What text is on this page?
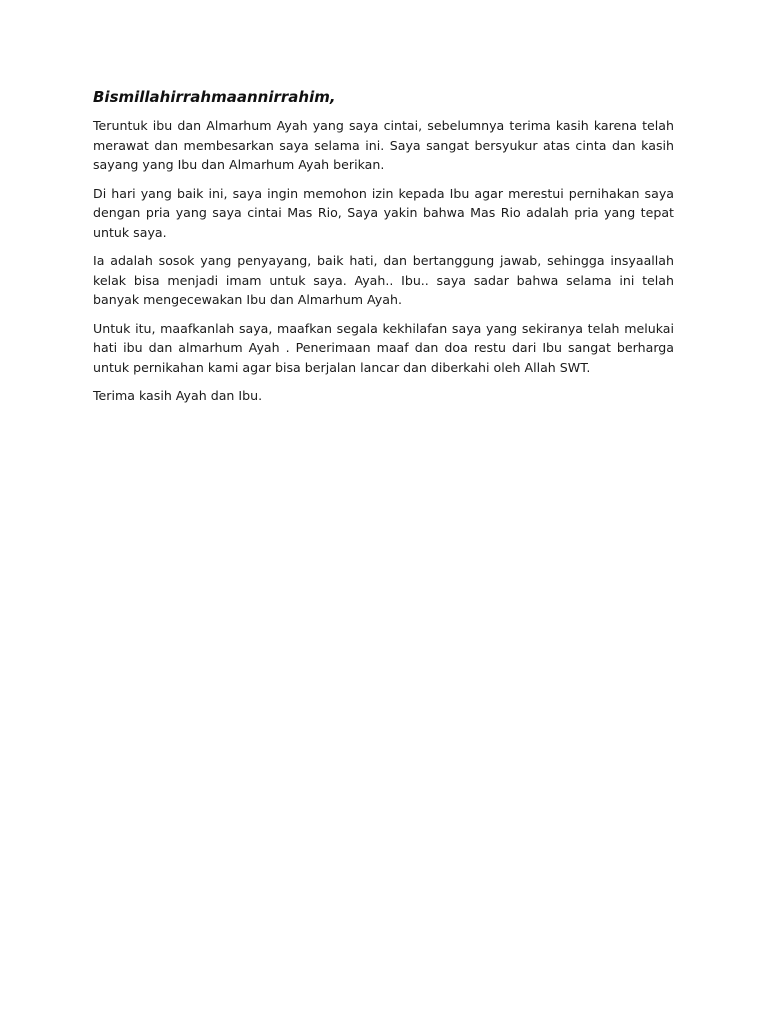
Bismillahirrahmaannirrahim,

Teruntuk ibu dan Almarhum Ayah yang saya cintai, sebelumnya terima kasih karena telah merawat dan membesarkan saya selama ini. Saya sangat bersyukur atas cinta dan kasih sayang yang Ibu dan Almarhum Ayah berikan.

Di hari yang baik ini, saya ingin memohon izin kepada Ibu agar merestui pernihakan saya dengan pria yang saya cintai Mas Rio, Saya yakin bahwa Mas Rio adalah pria yang tepat untuk saya.

Ia adalah sosok yang penyayang, baik hati, dan bertanggung jawab, sehingga insyaallah kelak bisa menjadi imam untuk saya. Ayah.. Ibu.. saya sadar bahwa selama ini telah banyak mengecewakan Ibu dan Almarhum Ayah.

Untuk itu, maafkanlah saya, maafkan segala kekhilafan saya yang sekiranya telah melukai hati ibu dan almarhum Ayah . Penerimaan maaf dan doa restu dari Ibu sangat berharga untuk pernikahan kami agar bisa berjalan lancar dan diberkahi oleh Allah SWT.

Terima kasih Ayah dan Ibu.
